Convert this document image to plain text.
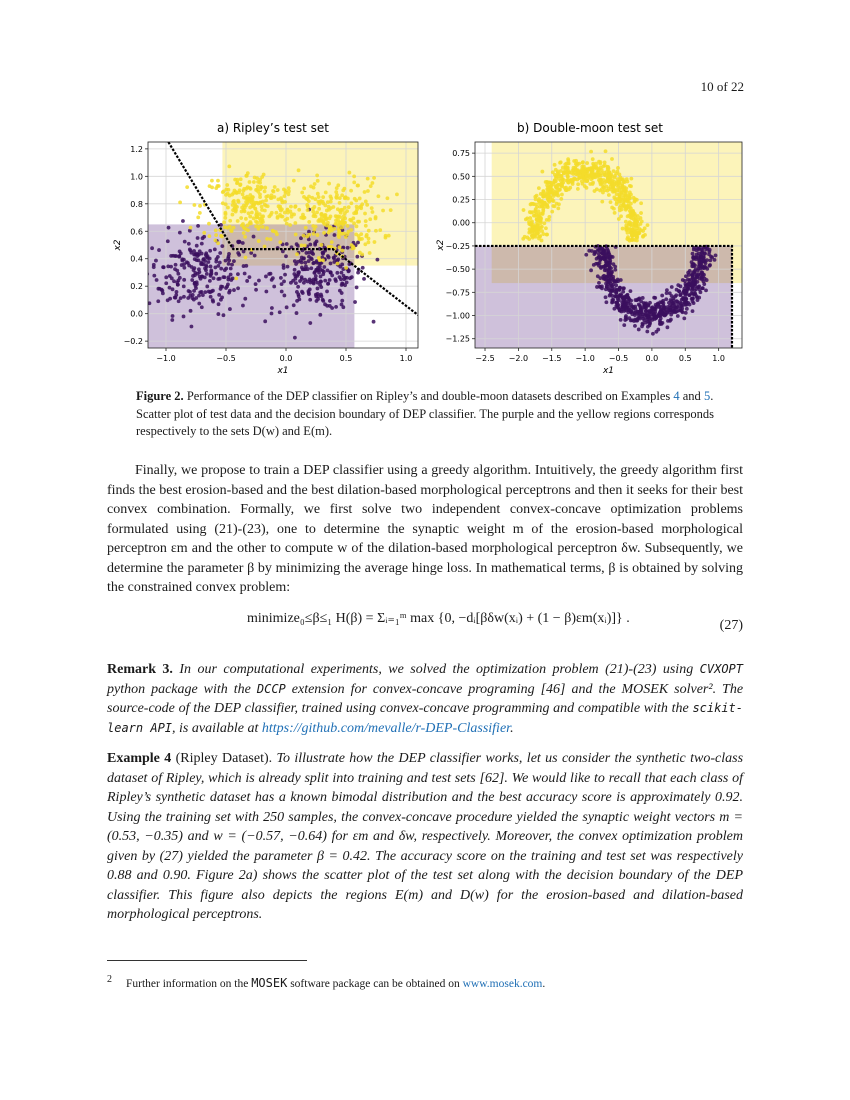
10 of 22
a) Ripley’s test set	b) Double-moon test set
−1.0	−0.5	0.0	0.5	1.0
−0.2
0.0
0.2
0.4
0.6
0.8
1.0
1.2
x1
x2
−2.5 −2.0 −1.5 −1.0 −0.5 0.0	0.5	1.0
0.75
0.50
0.25
0.00
−0.25
−0.50
−0.75
−1.00
−1.25
x1
x2
Figure 2. Performance of the DEP classifier on Ripley’s and double-moon datasets described on Examples 4 and 5. Scatter plot of test data and the decision boundary of DEP classifier. The purple and the yellow regions corresponds respectively to the sets D(w) and E(m).
Finally, we propose to train a DEP classifier using a greedy algorithm. Intuitively, the greedy algorithm first finds the best erosion-based and the best dilation-based morphological perceptrons and then it seeks for their best convex combination. Formally, we first solve two independent convex-concave optimization problems formulated using (21)-(23), one to determine the synaptic weight m of the erosion-based morphological perceptron εm and the other to compute w of the dilation-based morphological perceptron δw. Subsequently, we determine the parameter β by minimizing the average hinge loss. In mathematical terms, β is obtained by solving the constrained convex problem:
minimize₀≤β≤₁ H(β) = Σᵢ₌₁ᵐ max {0, −dᵢ[βδw(xᵢ) + (1 − β)εm(xᵢ)]} .	(27)
Remark 3. In our computational experiments, we solved the optimization problem (21)-(23) using CVXOPT python package with the DCCP extension for convex-concave programing [46] and the MOSEK solver². The source-code of the DEP classifier, trained using convex-concave programming and compatible with the scikit-learn API, is available at https://github.com/mevalle/r-DEP-Classifier.
Example 4 (Ripley Dataset). To illustrate how the DEP classifier works, let us consider the synthetic two-class dataset of Ripley, which is already split into training and test sets [62]. We would like to recall that each class of Ripley’s synthetic dataset has a known bimodal distribution and the best accuracy score is approximately 0.92. Using the training set with 250 samples, the convex-concave procedure yielded the synaptic weight vectors m = (0.53, −0.35) and w = (−0.57, −0.64) for εm and δw, respectively. Moreover, the convex optimization problem given by (27) yielded the parameter β = 0.42. The accuracy score on the training and test set was respectively 0.88 and 0.90. Figure 2a) shows the scatter plot of the test set along with the decision boundary of the DEP classifier. This figure also depicts the regions E(m) and D(w) for the erosion-based and dilation-based morphological perceptrons.
2 Further information on the MOSEK software package can be obtained on www.mosek.com.
